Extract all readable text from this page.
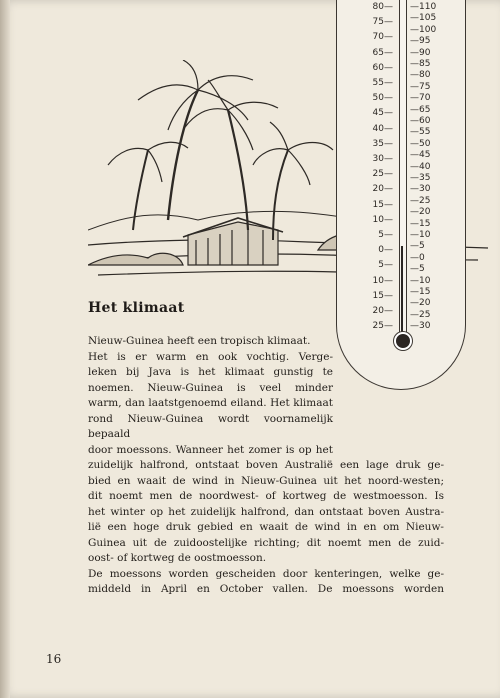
80—
75—
70—
65—
60—
55—
50—
45—
40—
35—
30—
25—
20—
15—
10—
5—
0—
5—
10—
15—
20—
25—
—110
—105
—100
—95
—90
—85
—80
—75
—70
—65
—60
—55
—50
—45
—40
—35
—30
—25
—20
—15
—10
—5
—0
—5
—10
—15
—20
—25
—30
Het klimaat
Nieuw-Guinea heeft een tropisch klimaat.
Het is er warm en ook vochtig. Verge-
leken bij Java is het klimaat gunstig te
noemen. Nieuw-Guinea is veel minder
warm, dan laatstgenoemd eiland. Het klimaat
rond Nieuw-Guinea wordt voornamelijk bepaald
door moessons. Wanneer het zomer is op het
zuidelijk halfrond, ontstaat boven Australië een lage druk ge-
bied en waait de wind in Nieuw-Guinea uit het noord-westen;
dit noemt men de noordwest- of kortweg de westmoesson. Is
het winter op het zuidelijk halfrond, dan ontstaat boven Austra-
lië een hoge druk gebied en waait de wind in en om Nieuw-
Guinea uit de zuidoostelijke richting; dit noemt men de zuid-
oost- of kortweg de oostmoesson.
De moessons worden gescheiden door kenteringen, welke ge-
middeld in April en October vallen. De moessons worden
16
